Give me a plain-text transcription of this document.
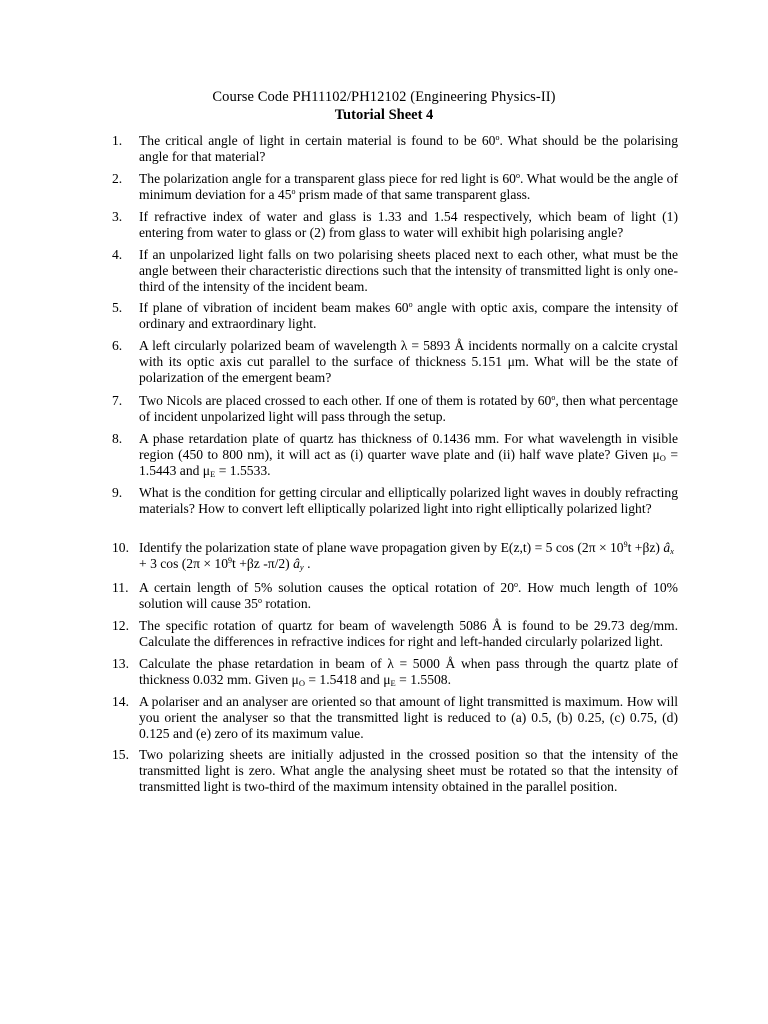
Course Code PH11102/PH12102 (Engineering Physics-II)
Tutorial Sheet 4
1.	The critical angle of light in certain material is found to be 60$^o$. What should be the polarising angle for that material?
2.	The polarization angle for a transparent glass piece for red light is 60$^o$. What would be the angle of minimum deviation for a 45$^o$ prism made of that same transparent glass.
3.	If refractive index of water and glass is 1.33 and 1.54 respectively, which beam of light (1) entering from water to glass or (2) from glass to water will exhibit high polarising angle?
4.	If an unpolarized light falls on two polarising sheets placed next to each other, what must be the angle between their characteristic directions such that the intensity of transmitted light is only one-third of the intensity of the incident beam.
5.	If plane of vibration of incident beam makes 60$^o$ angle with optic axis, compare the intensity of ordinary and extraordinary light.
6.	A left circularly polarized beam of wavelength λ = 5893 Å incidents normally on a calcite crystal with its optic axis cut parallel to the surface of thickness 5.151 μm. What will be the state of polarization of the emergent beam?
7.	Two Nicols are placed crossed to each other. If one of them is rotated by 60$^o$, then what percentage of incident unpolarized light will pass through the setup.
8.	A phase retardation plate of quartz has thickness of 0.1436 mm. For what wavelength in visible region (450 to 800 nm), it will act as (i) quarter wave plate and (ii) half wave plate? Given $\mu_O = 1.5443$ and $\mu_E = 1.5533$.
9.	What is the condition for getting circular and elliptically polarized light waves in doubly refracting materials? How to convert left elliptically polarized light into right elliptically polarized light?
10. Identify the polarization state of plane wave propagation given by E(z,t) = 5 $\cos (2\pi \times 10^9t +\beta z)$ $â_x + 3$ $\cos (2\pi \times 10^9t +\beta z$ -π/2) $â_y$ .
11. A certain length of 5% solution causes the optical rotation of 20$^o$. How much length of 10% solution will cause 35$^o$ rotation.
12. The specific rotation of quartz for beam of wavelength 5086 Å is found to be 29.73 deg/mm. Calculate the differences in refractive indices for right and left-handed circularly polarized light.
13. Calculate the phase retardation in beam of λ = 5000 Å when pass through the quartz plate of thickness 0.032 mm. Given $\mu_O = 1.5418$ and $\mu_E = 1.5508$.
14. A polariser and an analyser are oriented so that amount of light transmitted is maximum. How will you orient the analyser so that the transmitted light is reduced to (a) 0.5, (b) 0.25, (c) 0.75, (d) 0.125 and (e) zero of its maximum value.
15. Two polarizing sheets are initially adjusted in the crossed position so that the intensity of the transmitted light is zero. What angle the analysing sheet must be rotated so that the intensity of transmitted light is two-third of the maximum intensity obtained in the parallel position.
